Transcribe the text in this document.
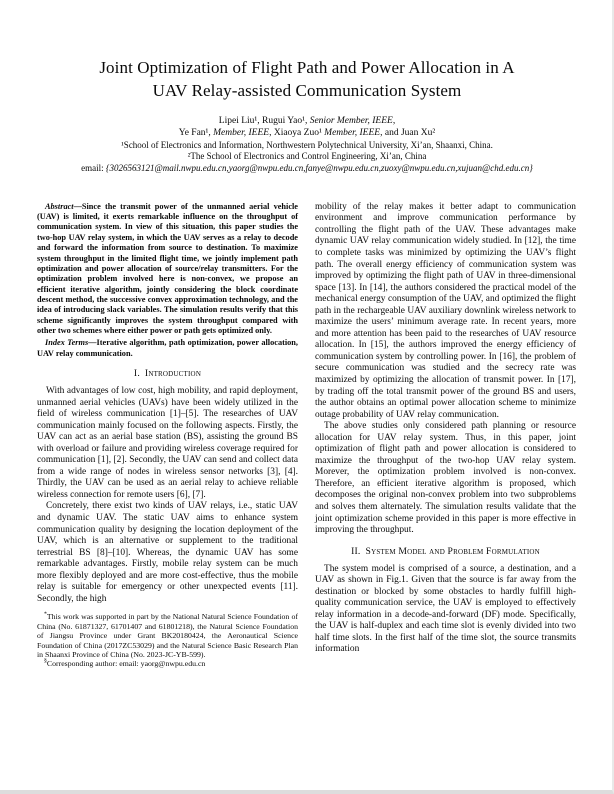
Joint Optimization of Flight Path and Power Allocation in A
UAV Relay-assisted Communication System
Lipei Liu¹, Rugui Yao¹, Senior Member, IEEE,
Ye Fan¹, Member, IEEE, Xiaoya Zuo¹ Member, IEEE, and Juan Xu²
¹School of Electronics and Information, Northwestern Polytechnical University, Xi’an, Shaanxi, China.
²The School of Electronics and Control Engineering, Xi’an, China
email: {3026563121@mail.nwpu.edu.cn,yaorg@nwpu.edu.cn,fanye@nwpu.edu.cn,zuoxy@nwpu.edu.cn,xujuan@chd.edu.cn}

Abstract—Since the transmit power of the unmanned aerial vehicle (UAV) is limited, it exerts remarkable influence on the throughput of communication system. In view of this situation, this paper studies the two-hop UAV relay system, in which the UAV serves as a relay to decode and forward the information from source to destination. To maximize system throughput in the limited flight time, we jointly implement path optimization and power allocation of source/relay transmitters. For the optimization problem involved here is non-convex, we propose an efficient iterative algorithm, jointly considering the block coordinate descent method, the successive convex approximation technology, and the idea of introducing slack variables. The simulation results verify that this scheme significantly improves the system throughput compared with other two schemes where either power or path gets optimized only.

Index Terms—Iterative algorithm, path optimization, power allocation, UAV relay communication.

I. Introduction

With advantages of low cost, high mobility, and rapid deployment, unmanned aerial vehicles (UAVs) have been widely utilized in the field of wireless communication [1]–[5]. The researches of UAV communication mainly focused on the following aspects. Firstly, the UAV can act as an aerial base station (BS), assisting the ground BS with overload or failure and providing wireless coverage required for communication [1], [2]. Secondly, the UAV can send and collect data from a wide range of nodes in wireless sensor networks [3], [4]. Thirdly, the UAV can be used as an aerial relay to achieve reliable wireless connection for remote users [6], [7].

Concretely, there exist two kinds of UAV relays, i.e., static UAV and dynamic UAV. The static UAV aims to enhance system communication quality by designing the location deployment of the UAV, which is an alternative or supplement to the traditional terrestrial BS [8]–[10]. Whereas, the dynamic UAV has some remarkable advantages. Firstly, mobile relay system can be much more flexibly deployed and are more cost-effective, thus the mobile relay is suitable for emergency or other unexpected events [11]. Secondly, the high

*This work was supported in part by the National Natural Science Foundation of China (No. 61871327, 61701407 and 61801218), the Natural Science Foundation of Jiangsu Province under Grant BK20180424, the Aeronautical Science Foundation of China (2017ZC53029) and the Natural Science Basic Research Plan in Shaanxi Province of China (No. 2023-JC-YB-599).

§Corresponding author: email: yaorg@nwpu.edu.cn

mobility of the relay makes it better adapt to communication environment and improve communication performance by controlling the flight path of the UAV. These advantages make dynamic UAV relay communication widely studied. In [12], the time to complete tasks was minimized by optimizing the UAV’s flight path. The overall energy efficiency of communication system was improved by optimizing the flight path of UAV in three-dimensional space [13]. In [14], the authors considered the practical model of the mechanical energy consumption of the UAV, and optimized the flight path in the rechargeable UAV auxiliary downlink wireless network to maximize the users’ minimum average rate. In recent years, more and more attention has been paid to the researches of UAV resource allocation. In [15], the authors improved the energy efficiency of communication system by controlling power. In [16], the problem of secure communication was studied and the secrecy rate was maximized by optimizing the allocation of transmit power. In [17], by trading off the total transmit power of the ground BS and users, the author obtains an optimal power allocation scheme to minimize outage probability of UAV relay communication.

The above studies only considered path planning or resource allocation for UAV relay system. Thus, in this paper, joint optimization of flight path and power allocation is considered to maximize the throughput of the two-hop UAV relay system. Morever, the optimization problem involved is non-convex. Therefore, an efficient iterative algorithm is proposed, which decomposes the original non-convex problem into two subproblems and solves them alternately. The simulation results validate that the joint optimization scheme provided in this paper is more effective in improving the throughput.

II. System Model and Problem Formulation

The system model is comprised of a source, a destination, and a UAV as shown in Fig.1. Given that the source is far away from the destination or blocked by some obstacles to hardly fulfill high-quality communication service, the UAV is employed to effectively relay information in a decode-and-forward (DF) mode. Specifically, the UAV is half-duplex and each time slot is evenly divided into two half time slots. In the first half of the time slot, the source transmits information
